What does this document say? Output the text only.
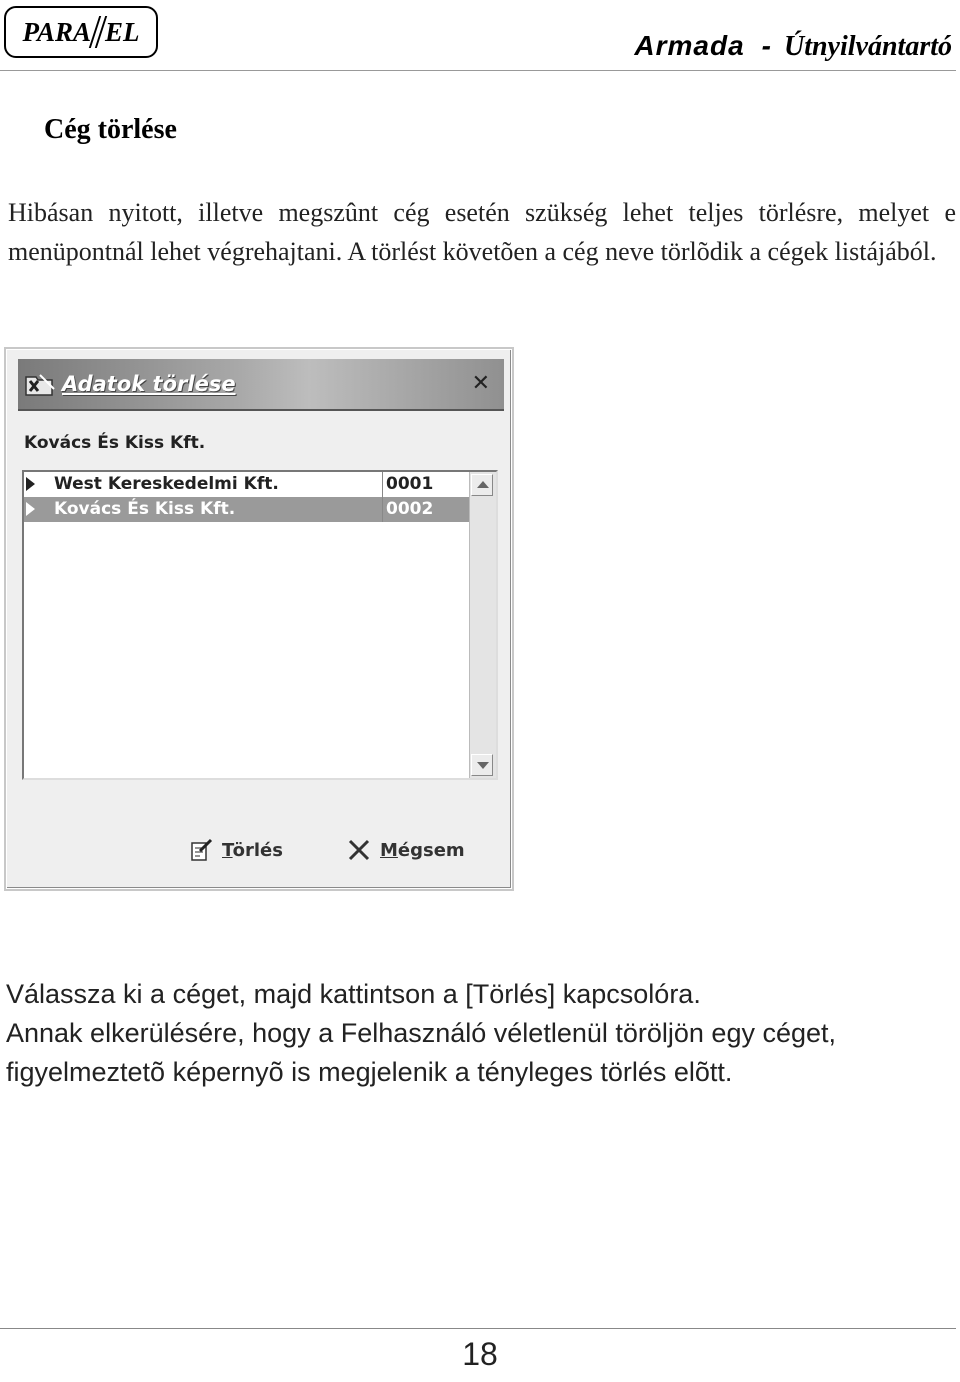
PARA EL	Armada - Útnyilvántartó
Cég törlése

Hibásan nyitott, illetve megszûnt cég esetén szükség lehet teljes törlésre, melyet e menüpontnál lehet végrehajtani. A törlést követõen a cég neve törlõdik a cégek listájából.

Adatok törlése	✕
Kovács És Kiss Kft.
West Kereskedelmi Kft.	0001
Kovács És Kiss Kft.	0002
Törlés	Mégsem

Válassza ki a céget, majd kattintson a [Törlés] kapcsolóra.
Annak elkerülésére, hogy a Felhasználó véletlenül töröljön egy céget, figyelmeztetõ képernyõ is megjelenik a tényleges törlés elõtt.

18
